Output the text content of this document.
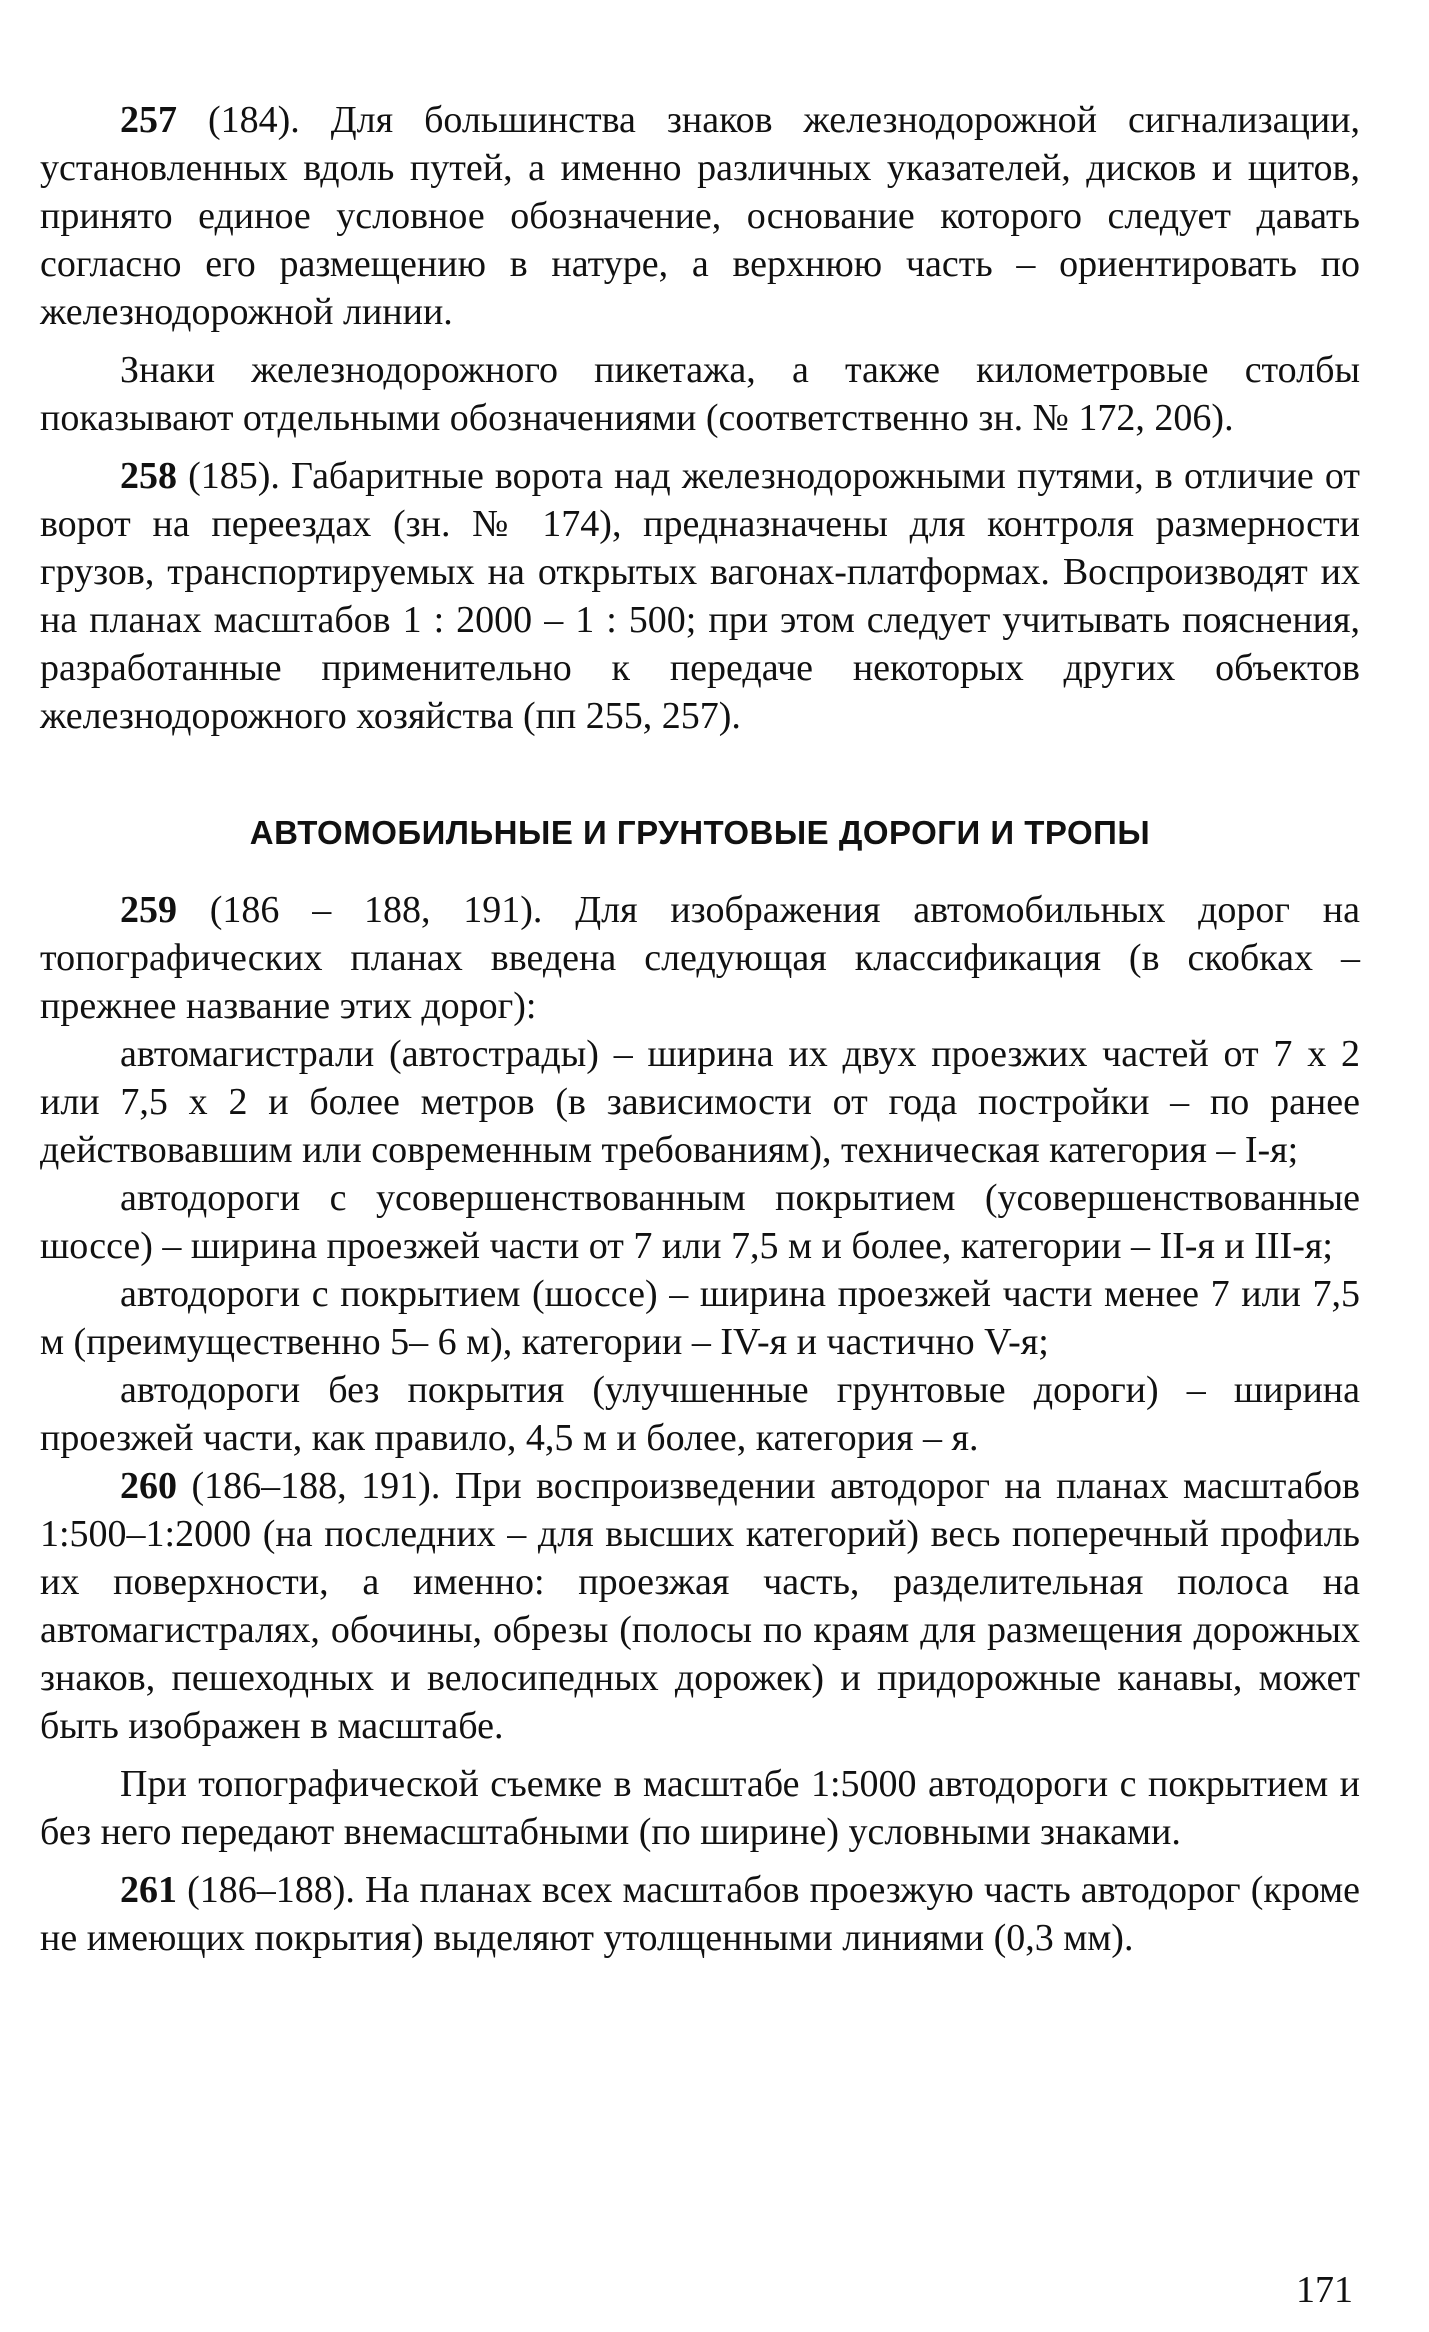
257 (184). Для большинства знаков железнодорожной сигнализации, установленных вдоль путей, а именно различных указателей, дисков и щитов, принято единое условное обозначение, основание которого следует давать согласно его размещению в натуре, а верхнюю часть – ориентировать по железнодорожной линии.

Знаки железнодорожного пикетажа, а также километровые столбы показывают отдельными обозначениями (соответственно зн. № 172, 206).

258 (185). Габаритные ворота над железнодорожными путями, в отличие от ворот на переездах (зн. № 174), предназначены для контроля размерности грузов, транспортируемых на открытых вагонах-платформах. Воспроизводят их на планах масштабов 1 : 2000 – 1 : 500; при этом следует учитывать пояснения, разработанные применительно к передаче некоторых других объектов железнодорожного хозяйства (пп 255, 257).

АВТОМОБИЛЬНЫЕ И ГРУНТОВЫЕ ДОРОГИ И ТРОПЫ

259 (186 – 188, 191). Для изображения автомобильных дорог на топографических планах введена следующая классификация (в скобках – прежнее название этих дорог):

автомагистрали (автострады) – ширина их двух проезжих частей от 7 х 2 или 7,5 х 2 и более метров (в зависимости от года постройки – по ранее действовавшим или современным требованиям), техническая категория – I-я;

автодороги с усовершенствованным покрытием (усовершенствованные шоссе) – ширина проезжей части от 7 или 7,5 м и более, категории – II-я и III-я;

автодороги с покрытием (шоссе) – ширина проезжей части менее 7 или 7,5 м (преимущественно 5– 6 м), категории – IV-я и частично V-я;

автодороги без покрытия (улучшенные грунтовые дороги) – ширина проезжей части, как правило, 4,5 м и более, категория – я.

260 (186–188, 191). При воспроизведении автодорог на планах масштабов 1:500–1:2000 (на последних – для высших категорий) весь поперечный профиль их поверхности, а именно: проезжая часть, разделительная полоса на автомагистралях, обочины, обрезы (полосы по краям для размещения дорожных знаков, пешеходных и велосипедных дорожек) и придорожные канавы, может быть изображен в масштабе.

При топографической съемке в масштабе 1:5000 автодороги с покрытием и без него передают внемасштабными (по ширине) условными знаками.

261 (186–188). На планах всех масштабов проезжую часть автодорог (кроме не имеющих покрытия) выделяют утолщенными линиями (0,3 мм).

171
